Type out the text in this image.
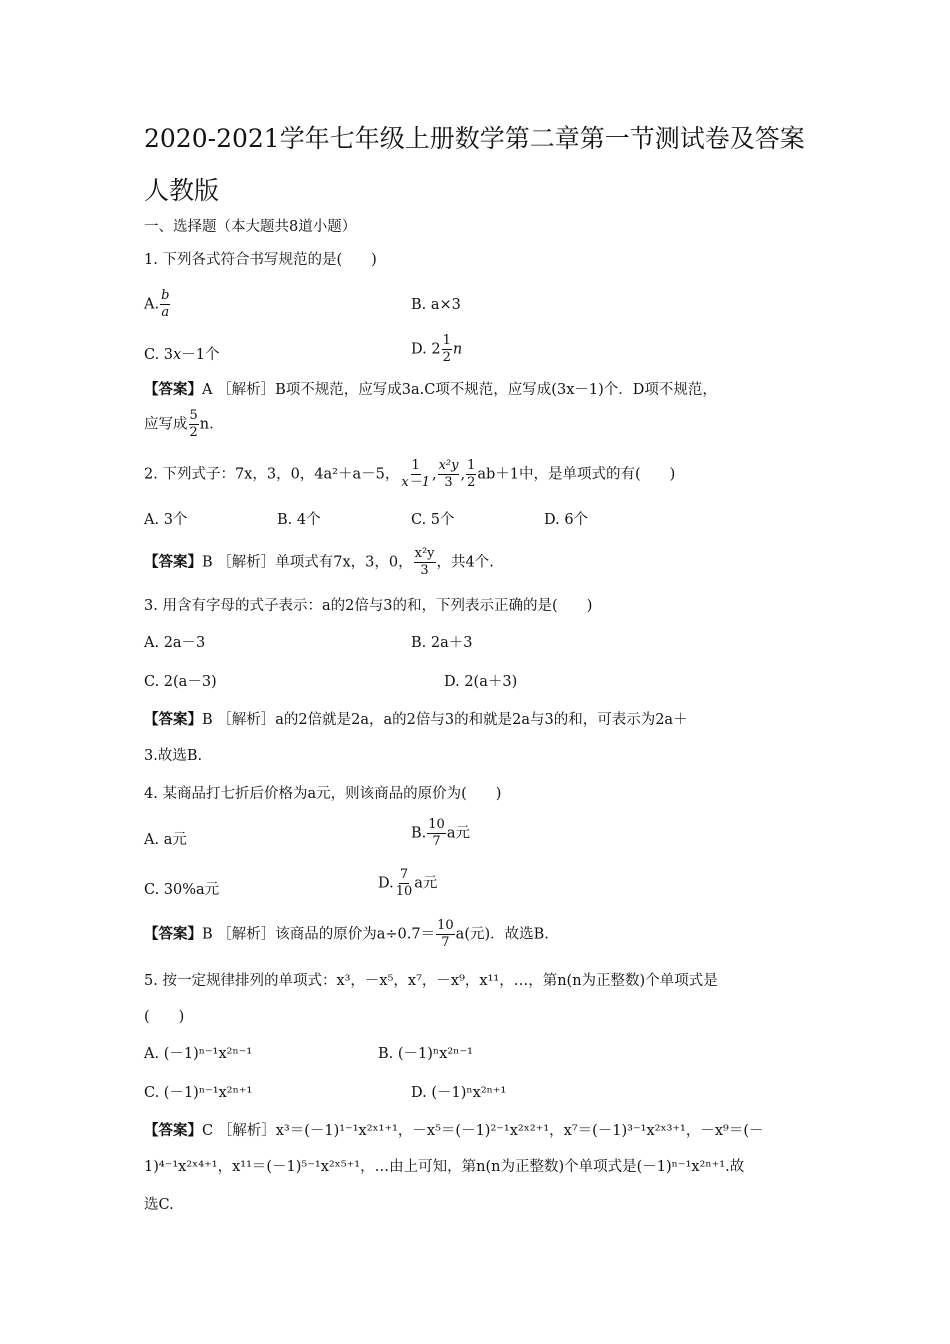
2020-2021学年七年级上册数学第二章第一节测试卷及答案
人教版
一、选择题（本大题共8道小题）
1. 下列各式符合书写规范的是(　　)
A. $\frac{b}{a}$	B. a×3
C. 3x－1个	D. $2 \frac{1}{2}$ n
【答案】A ［解析］B项不规范，应写成3a.C项不规范，应写成(3x－1)个．D项不规范，
应写成 $\frac{5}{2} n$.
2. 下列式子：7x，3，0，4a²＋a－5， $\frac{1}{x-1}$ , $\frac{\text{x²y}}{3}$ , $\frac{1}{2} ab+1$中，是单项式的有(　　)
A. 3个	B. 4个	C. 5个	D. 6个
【答案】B ［解析］单项式有7x，3，0， $\frac{\text{x²y}}{3}$ ，共4个.
3. 用含有字母的式子表示：a的2倍与3的和，下列表示正确的是(　　)
A. 2a－3	B. 2a＋3
C. 2(a－3)	D. 2(a＋3)
【答案】B ［解析］a的2倍就是2a，a的2倍与3的和就是2a与3的和，可表示为2a＋
3.故选B.
4. 某商品打七折后价格为a元，则该商品的原价为(　　)
A. a元	B. $\frac{10}{7}$ a元
C. 30%a元	D. $\frac{7}{10}$ a元
【答案】B ［解析］该商品的原价为$a\div 0.7= \frac{10}{7} a$(元)．故选B.
5. 按一定规律排列的单项式：x³，－x⁵，x⁷，－x⁹，x¹¹，…，第n(n为正整数)个单项式是
(　　)
A. (－1)ⁿ⁻¹x²ⁿ⁻¹	B. (－1)ⁿx²ⁿ⁻¹
C. (－1)ⁿ⁻¹x²ⁿ⁺¹	D. (－1)ⁿx²ⁿ⁺¹
【答案】C ［解析］x³＝(－1)¹⁻¹x²ˣ¹⁺¹，－x⁵＝(－1)²⁻¹x²ˣ²⁺¹，x⁷＝(－1)³⁻¹x²ˣ³⁺¹，－x⁹＝(－
1)⁴⁻¹x²ˣ⁴⁺¹，x¹¹＝(－1)⁵⁻¹x²ˣ⁵⁺¹，…由上可知，第n(n为正整数)个单项式是(－1)ⁿ⁻¹x²ⁿ⁺¹.故
选C.
